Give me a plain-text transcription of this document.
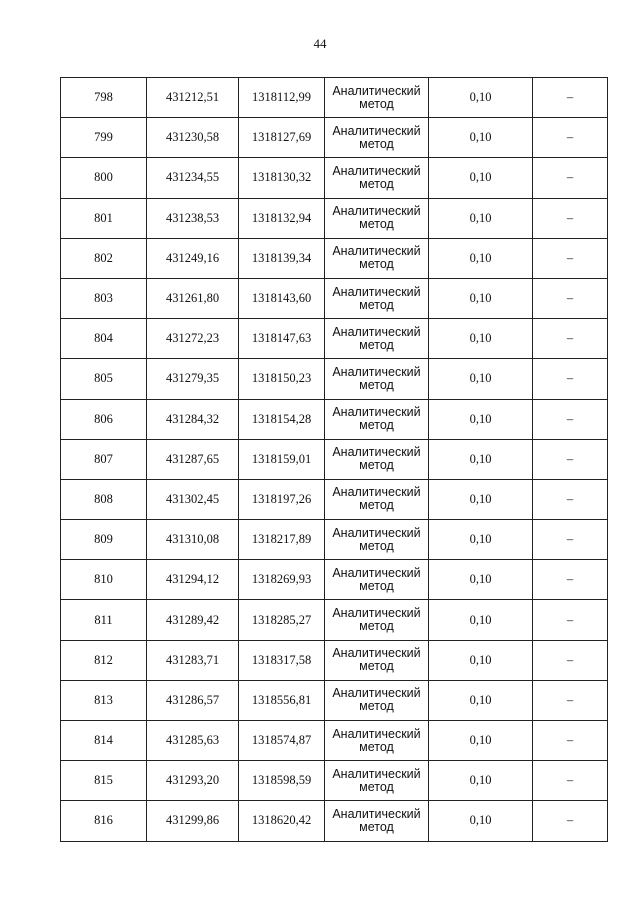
44
798	431212,51	1318112,99	Аналитический
метод	0,10	–
799	431230,58	1318127,69	Аналитический
метод	0,10	–
800	431234,55	1318130,32	Аналитический
метод	0,10	–
801	431238,53	1318132,94	Аналитический
метод	0,10	–
802	431249,16	1318139,34	Аналитический
метод	0,10	–
803	431261,80	1318143,60	Аналитический
метод	0,10	–
804	431272,23	1318147,63	Аналитический
метод	0,10	–
805	431279,35	1318150,23	Аналитический
метод	0,10	–
806	431284,32	1318154,28	Аналитический
метод	0,10	–
807	431287,65	1318159,01	Аналитический
метод	0,10	–
808	431302,45	1318197,26	Аналитический
метод	0,10	–
809	431310,08	1318217,89	Аналитический
метод	0,10	–
810	431294,12	1318269,93	Аналитический
метод	0,10	–
811	431289,42	1318285,27	Аналитический
метод	0,10	–
812	431283,71	1318317,58	Аналитический
метод	0,10	–
813	431286,57	1318556,81	Аналитический
метод	0,10	–
814	431285,63	1318574,87	Аналитический
метод	0,10	–
815	431293,20	1318598,59	Аналитический
метод	0,10	–
816	431299,86	1318620,42	Аналитический
метод	0,10	–
